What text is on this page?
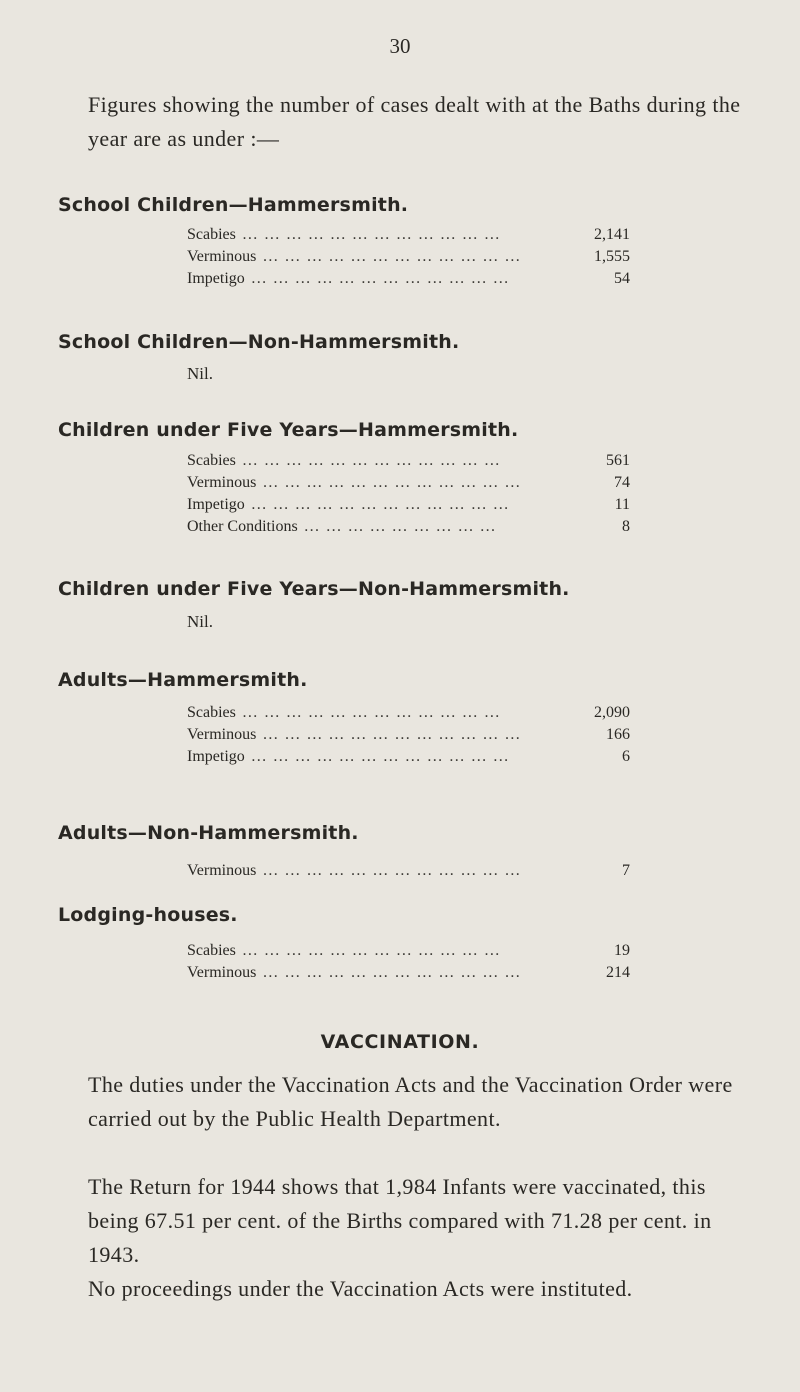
30
Figures showing the number of cases dealt with at the Baths during the year are as under :—
School Children—Hammersmith.
Scabies … … … … … … … … … … … …	2,141
Verminous … … … … … … … … … … … …	1,555
Impetigo … … … … … … … … … … … …	54
School Children—Non-Hammersmith.
Nil.
Children under Five Years—Hammersmith.
Scabies … … … … … … … … … … … …	561
Verminous … … … … … … … … … … … …	74
Impetigo … … … … … … … … … … … …	11
Other Conditions … … … … … … … … …	8
Children under Five Years—Non-Hammersmith.
Nil.
Adults—Hammersmith.
Scabies … … … … … … … … … … … …	2,090
Verminous … … … … … … … … … … … …	166
Impetigo … … … … … … … … … … … …	6
Adults—Non-Hammersmith.
Verminous … … … … … … … … … … … …	7
Lodging-houses.
Scabies … … … … … … … … … … … …	19
Verminous … … … … … … … … … … … …	214
VACCINATION.
The duties under the Vaccination Acts and the Vaccination Order were carried out by the Public Health Department.
The Return for 1944 shows that 1,984 Infants were vaccinated, this being 67.51 per cent. of the Births compared with 71.28 per cent. in 1943.
No proceedings under the Vaccination Acts were instituted.
